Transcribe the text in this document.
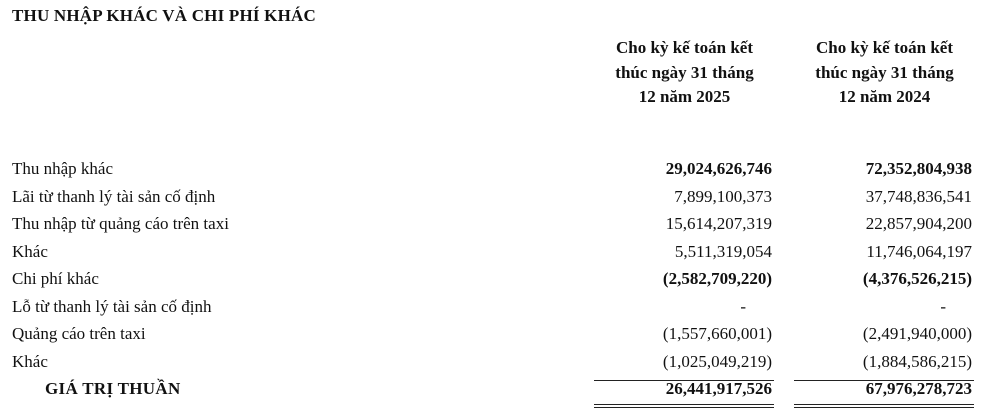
THU NHẬP KHÁC VÀ CHI PHÍ KHÁC
Cho kỳ kế toán kết
thúc ngày 31 tháng
12 năm 2025
Cho kỳ kế toán kết
thúc ngày 31 tháng
12 năm 2024
Thu nhập khác	29,024,626,746	72,352,804,938
Lãi từ thanh lý tài sản cố định	7,899,100,373	37,748,836,541
Thu nhập từ quảng cáo trên taxi	15,614,207,319	22,857,904,200
Khác	5,511,319,054	11,746,064,197
Chi phí khác	(2,582,709,220)	(4,376,526,215)
Lỗ từ thanh lý tài sản cố định	-	-
Quảng cáo trên taxi	(1,557,660,001)	(2,491,940,000)
Khác	(1,025,049,219)	(1,884,586,215)
GIÁ TRỊ THUẦN	26,441,917,526	67,976,278,723
